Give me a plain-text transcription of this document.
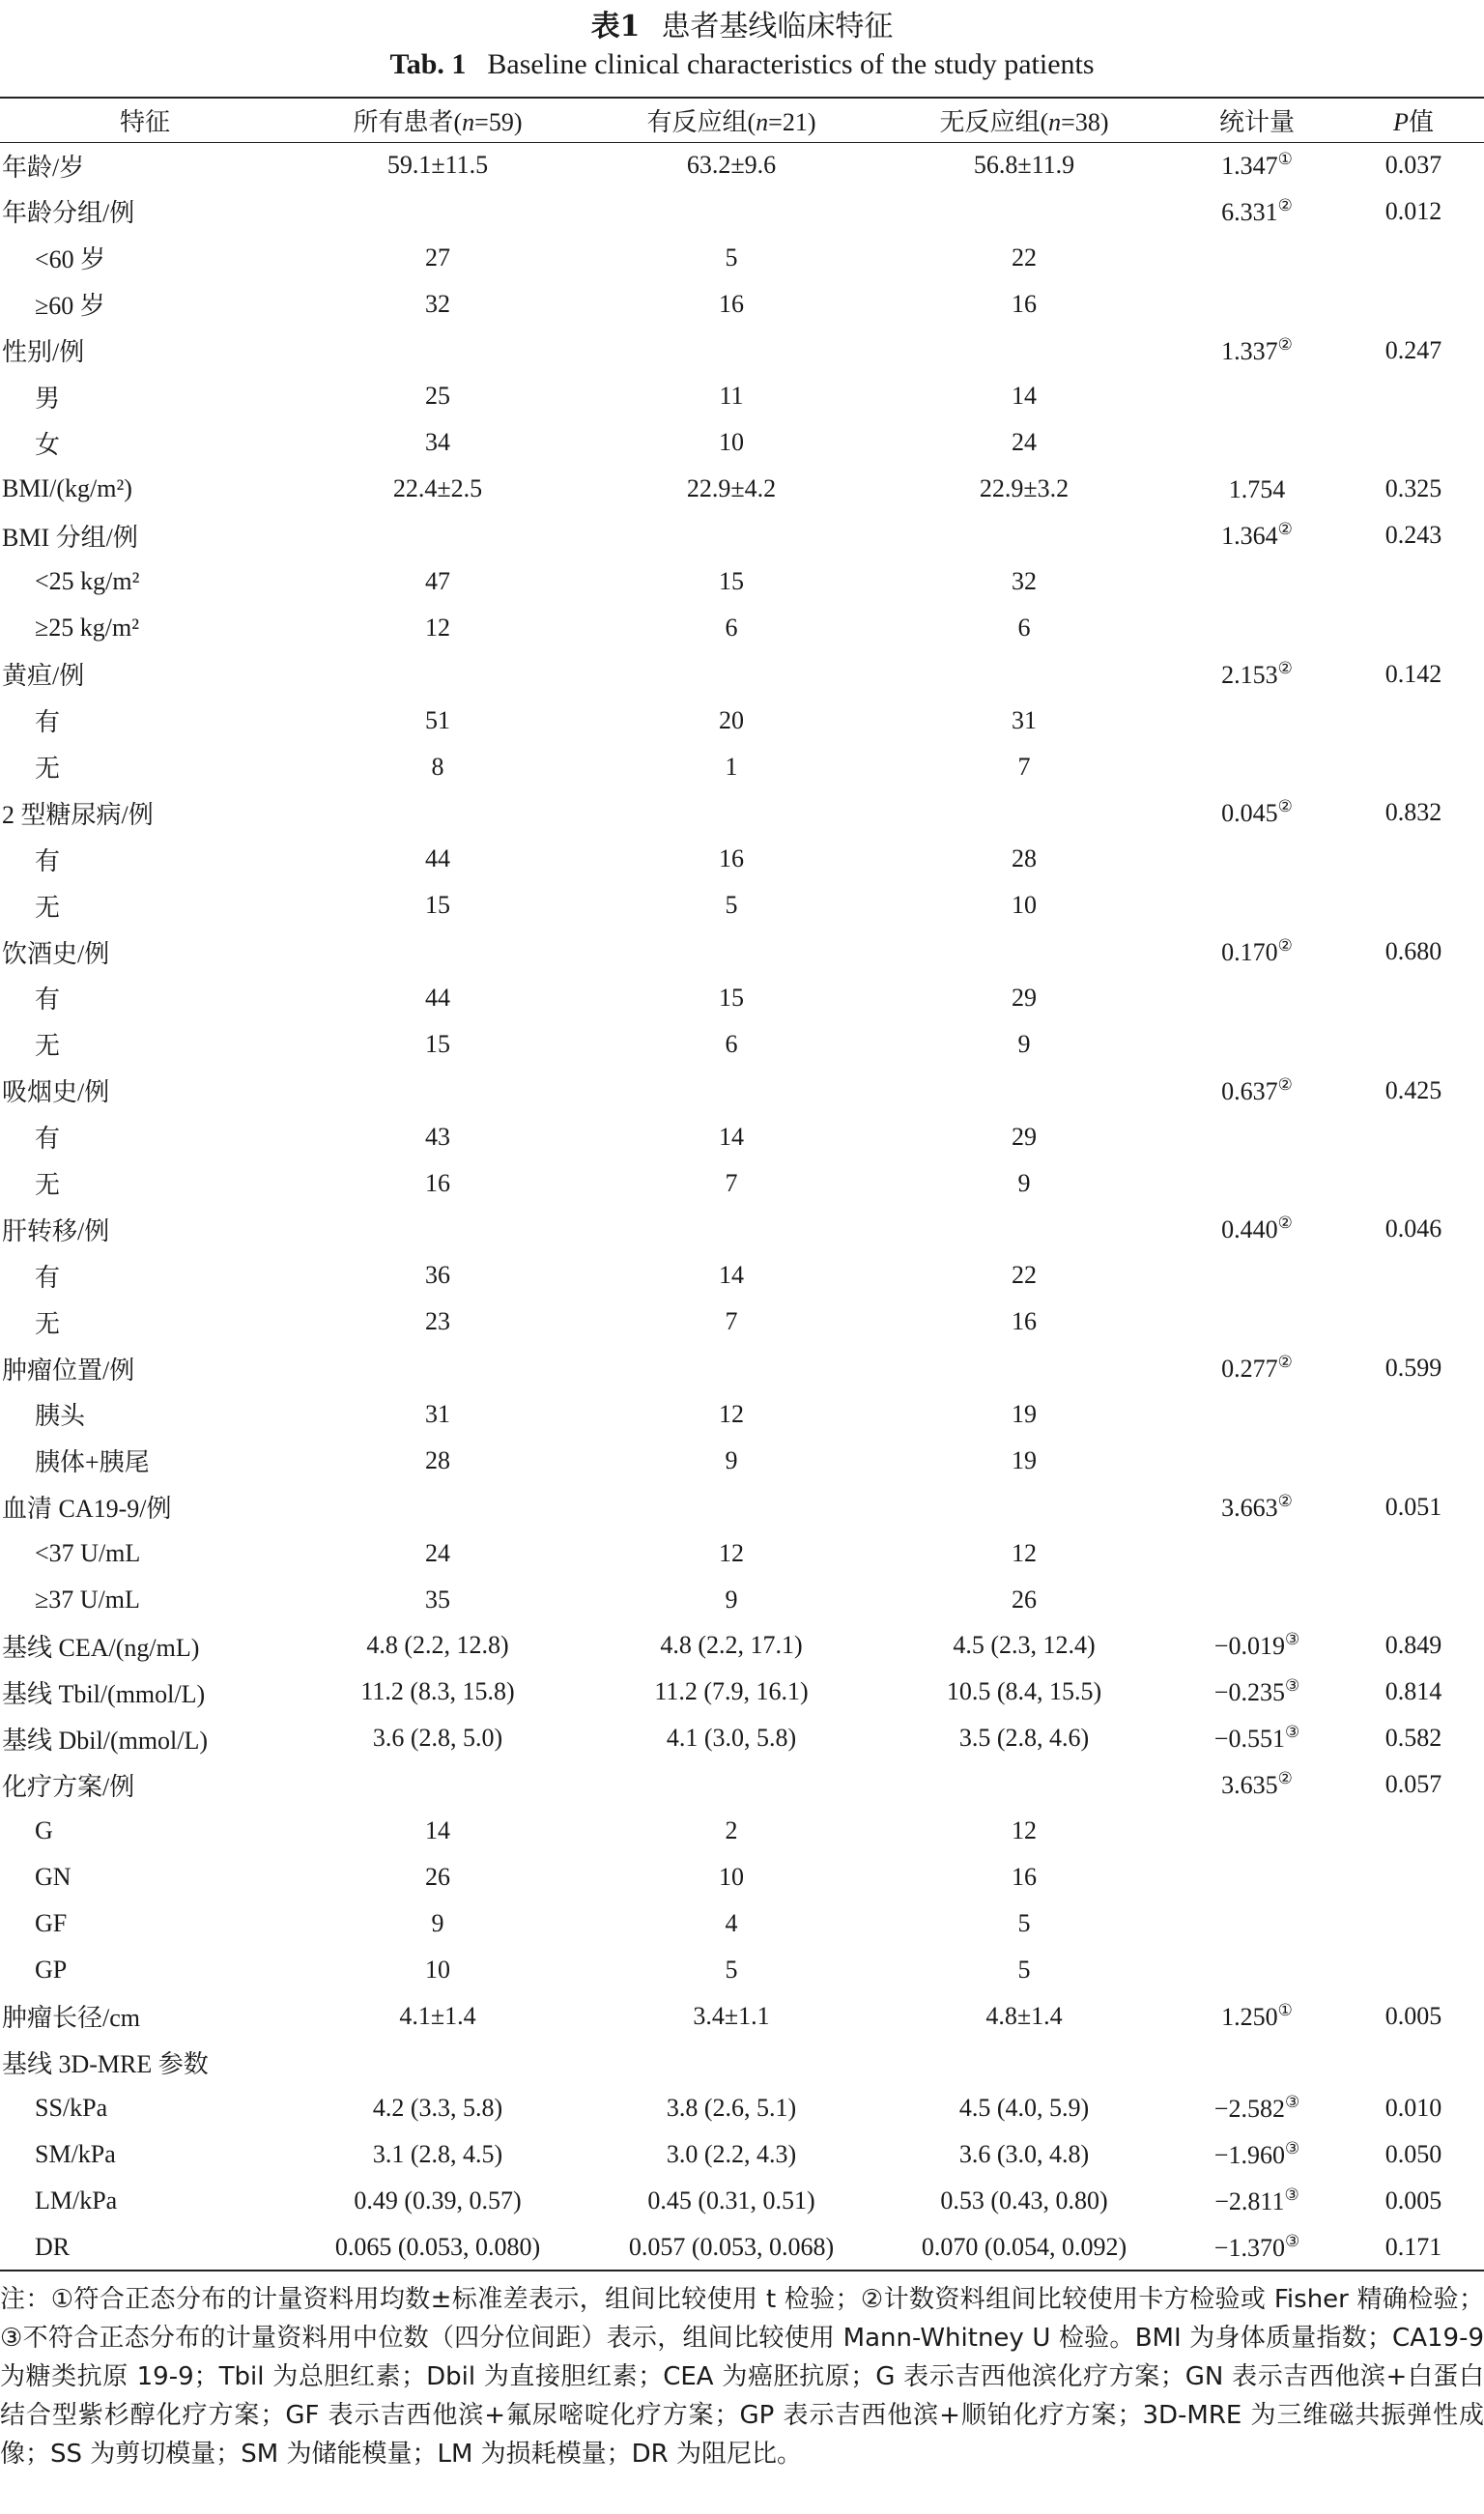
表1 患者基线临床特征
Tab. 1 Baseline clinical characteristics of the study patients
特征	所有患者(n=59)	有反应组(n=21)	无反应组(n=38)	统计量	P值
年龄/岁	59.1±11.5	63.2±9.6	56.8±11.9	1.347①	0.037
年龄分组/例				6.331②	0.012
<60 岁	27	5	22		
≥60 岁	32	16	16		
性别/例				1.337②	0.247
男	25	11	14		
女	34	10	24		
BMI/(kg/m²)	22.4±2.5	22.9±4.2	22.9±3.2	1.754	0.325
BMI 分组/例				1.364②	0.243
<25 kg/m²	47	15	32		
≥25 kg/m²	12	6	6		
黄疸/例				2.153②	0.142
有	51	20	31		
无	8	1	7		
2 型糖尿病/例				0.045②	0.832
有	44	16	28		
无	15	5	10		
饮酒史/例				0.170②	0.680
有	44	15	29		
无	15	6	9		
吸烟史/例				0.637②	0.425
有	43	14	29		
无	16	7	9		
肝转移/例				0.440②	0.046
有	36	14	22		
无	23	7	16		
肿瘤位置/例				0.277②	0.599
胰头	31	12	19		
胰体+胰尾	28	9	19		
血清 CA19-9/例				3.663②	0.051
<37 U/mL	24	12	12		
≥37 U/mL	35	9	26		
基线 CEA/(ng/mL)	4.8 (2.2, 12.8)	4.8 (2.2, 17.1)	4.5 (2.3, 12.4)	−0.019③	0.849
基线 Tbil/(mmol/L)	11.2 (8.3, 15.8)	11.2 (7.9, 16.1)	10.5 (8.4, 15.5)	−0.235③	0.814
基线 Dbil/(mmol/L)	3.6 (2.8, 5.0)	4.1 (3.0, 5.8)	3.5 (2.8, 4.6)	−0.551③	0.582
化疗方案/例				3.635②	0.057
G	14	2	12		
GN	26	10	16		
GF	9	4	5		
GP	10	5	5		
肿瘤长径/cm	4.1±1.4	3.4±1.1	4.8±1.4	1.250①	0.005
基线 3D-MRE 参数					
SS/kPa	4.2 (3.3, 5.8)	3.8 (2.6, 5.1)	4.5 (4.0, 5.9)	−2.582③	0.010
SM/kPa	3.1 (2.8, 4.5)	3.0 (2.2, 4.3)	3.6 (3.0, 4.8)	−1.960③	0.050
LM/kPa	0.49 (0.39, 0.57)	0.45 (0.31, 0.51)	0.53 (0.43, 0.80)	−2.811③	0.005
DR	0.065 (0.053, 0.080)	0.057 (0.053, 0.068)	0.070 (0.054, 0.092)	−1.370③	0.171

注：①符合正态分布的计量资料用均数±标准差表示，组间比较使用 t 检验；②计数资料组间比较使用卡方检验或 Fisher 精确检验；③不符合正态分布的计量资料用中位数（四分位间距）表示，组间比较使用 Mann-Whitney U 检验。BMI 为身体质量指数；CA19-9 为糖类抗原 19-9；Tbil 为总胆红素；Dbil 为直接胆红素；CEA 为癌胚抗原；G 表示吉西他滨化疗方案；GN 表示吉西他滨+白蛋白结合型紫杉醇化疗方案；GF 表示吉西他滨+氟尿嘧啶化疗方案；GP 表示吉西他滨+顺铂化疗方案；3D-MRE 为三维磁共振弹性成像；SS 为剪切模量；SM 为储能模量；LM 为损耗模量；DR 为阻尼比。
